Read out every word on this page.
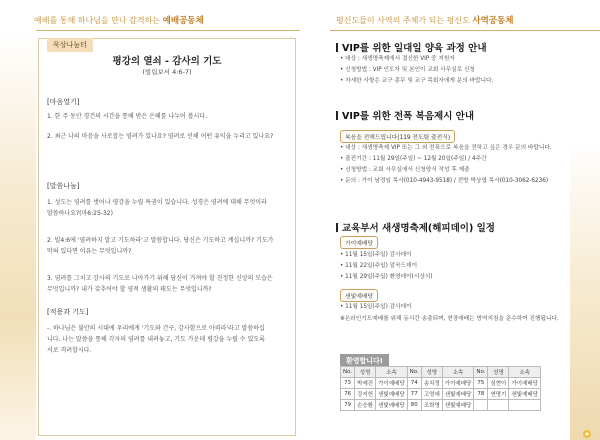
예배를 통해 하나님을 만나 감격하는 예배공동체
묵상나눔터
평강의 열쇠 - 감사의 기도
(빌립보서 4:6-7)
[마음열기]
1. 한 주 동안 경건의 시간을 통해 받은 은혜를 나누어 봅시다.
2. 최근 나의 마음을 사로잡는 염려가 있나요? 염려로 인해 어떤 유익을 누리고 있나요?
[말씀나눔]
1. 성도는 염려를 벗어나 평강을 누릴 특권이 있습니다. 성경은 염려에 대해 무엇이라
말씀하나요?(마6:25-32)
2. 빌4:6에 '염려하지 말고 기도하라'고 말씀합니다. 당신은 기도하고 계십니까? 기도가
막혀 있다면 이유는 무엇입니까?
3. 염려를 그치고 감사의 기도로 나아가기 위해 당신이 가져야 할 진정한 신앙의 모습은
무엇입니까? 내가 갖추어야 할 영적 생활의 태도는 무엇입니까?
[적용과 기도]
-. 하나님은 불안의 시대에 우리에게 '기도와 간구, 감사함으로 아뢰라'라고 말씀하십
니다. 나는 말씀을 통해 각자의 염려를 내려놓고, 기도 가운데 평강을 누릴 수 있도록
서로 격려합시다.
평신도들이 사역의 주체가 되는 평신도 사역공동체
VIP를 위한 일대일 양육 과정 안내
• 대상 : 새생명축제에서 결신한 VIP 중 지원자
• 신청방법 : VIP 인도자 및 본인이 교회 사무실로 신청
• 자세한 사항은 교구 총무 및 교구 목회자에게 문의 바랍니다.
VIP를 위한 전폭 복음제시 안내
복음을 전해드립니다(119 전도팀 출전식)
• 대상 : 새생명축제 VIP 또는 그 외 전폭으로 복음을 전하고 싶은 경우 문의 바랍니다.
• 출전기간 : 11월 29일(주일) ~ 12월 20일(주일) / 4주간
• 신청방법 : 교회 사무실에서 신청양식 작성 후 제출
• 문의 : 가이 남정임 목사(010-4943-9518) / 전방 박상엽 목사(010-3062-6236)
교육부서 새생명축제(해피데이) 일정
가이예배당
• 11월 15일(주일) 감사데이
• 11월 22일(주일) 알곡드데이
• 11월 29일(주일) 환영데이(시상식)
샌빛예배당
• 11월 15일(주일) 감사데이
※온라인기도예배를 위해 동시간 송출되며, 현장예배는 방역지침을 준수하여 진행됩니다.
환영합니다!
No.	성명	소속	No.	성명	소속	No.	성명	소속
73	박예진	가이예배당	74	송치정	가이예배당	75	심현아	가이예배당
76	강지헌	샌빛예배당	77	고영애	샌빛예배당	78	연명기	샌빛예배당
79	손승환	샌빛예배당	80	조희영	샌빛예배당			
